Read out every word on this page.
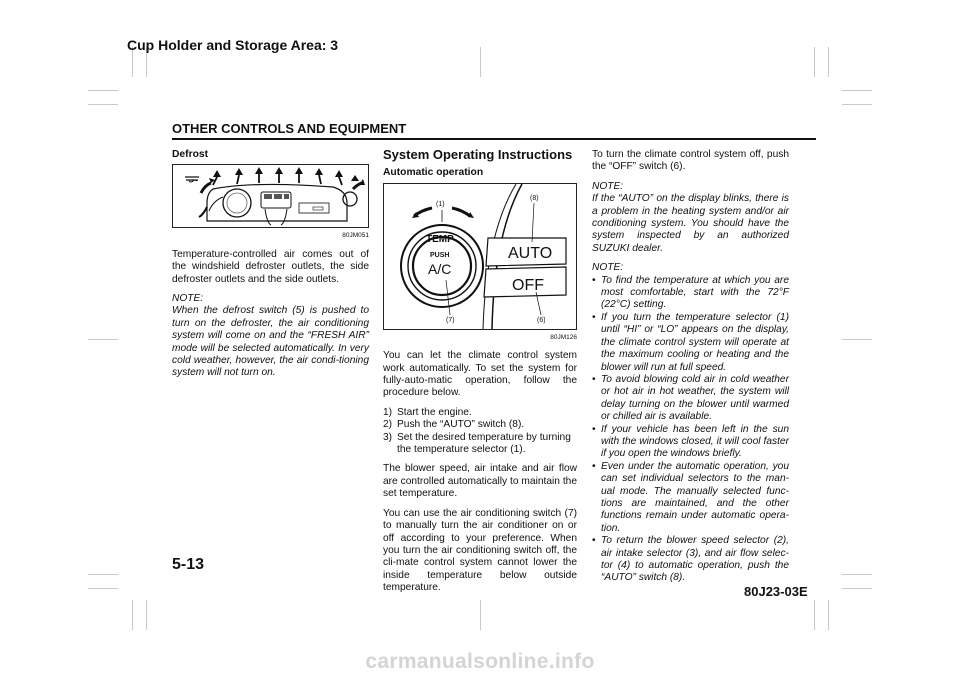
Cup Holder and Storage Area: 3
OTHER CONTROLS AND EQUIPMENT
Defrost
80JM051

Temperature-controlled air comes out of the windshield defroster outlets, the side defroster outlets and the side outlets.

NOTE:
When the defrost switch (5) is pushed to turn on the defroster, the air conditioning system will come on and the “FRESH AIR” mode will be selected automatically. In very cold weather, however, the air condi-tioning system will not turn on.

System Operating Instructions
Automatic operation
TEMP
PUSH
A/C
AUTO
OFF
(1)
(8)
(7)	(6)
80JM126

You can let the climate control system work automatically. To set the system for fully-auto-matic operation, follow the procedure below.

1) Start the engine.
2) Push the “AUTO” switch (8).
3) Set the desired temperature by turning the temperature selector (1).

The blower speed, air intake and air flow are controlled automatically to maintain the set temperature.

You can use the air conditioning switch (7) to manually turn the air conditioner on or off according to your preference. When you turn the air conditioning switch off, the cli-mate control system cannot lower the inside temperature below outside temperature.

To turn the climate control system off, push the “OFF” switch (6).

NOTE:
If the “AUTO” on the display blinks, there is a problem in the heating system and/or air conditioning system. You should have the system inspected by an authorized SUZUKI dealer.

NOTE:
• To find the temperature at which you are most comfortable, start with the 72°F (22°C) setting.
• If you turn the temperature selector (1) until “HI” or “LO” appears on the display, the climate control system will operate at the maximum cooling or heating and the blower will run at full speed.
• To avoid blowing cold air in cold weather or hot air in hot weather, the system will delay turning on the blower until warmed or chilled air is available.
• If your vehicle has been left in the sun with the windows closed, it will cool faster if you open the windows briefly.
• Even under the automatic operation, you can set individual selectors to the man-ual mode. The manually selected func-tions are maintained, and the other functions remain under automatic opera-tion.
• To return the blower speed selector (2), air intake selector (3), and air flow selec-tor (4) to automatic operation, push the “AUTO” switch (8).
5-13
80J23-03E
carmanualsonline.info
